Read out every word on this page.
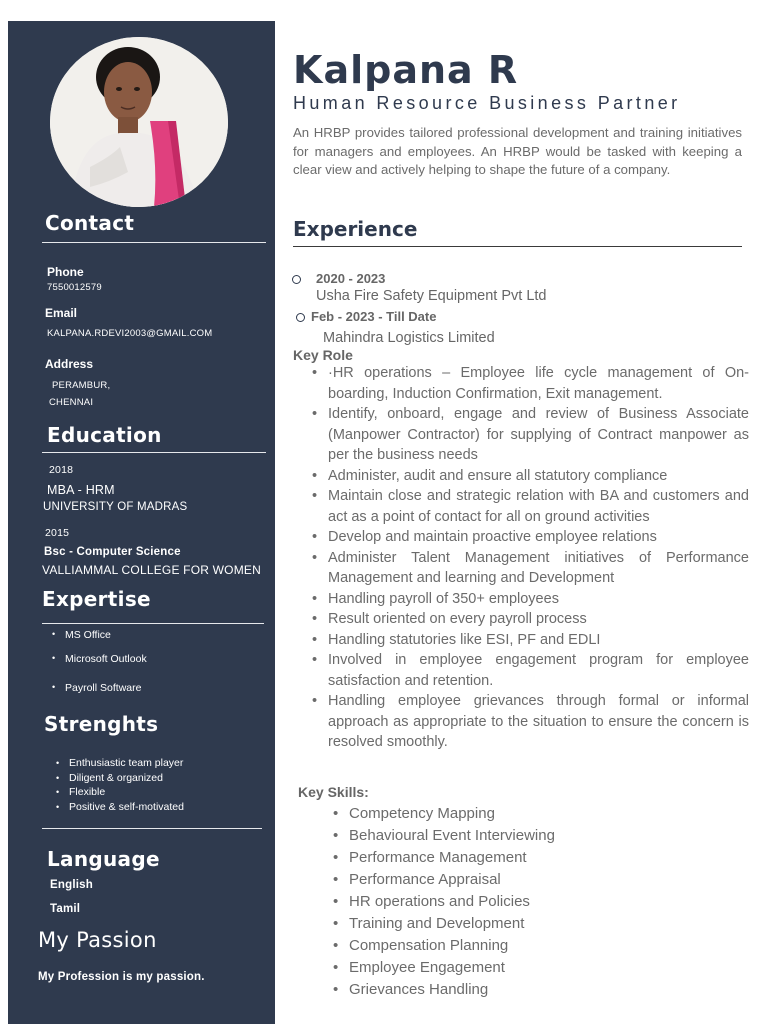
Contact
Phone
7550012579
Email
KALPANA.RDEVI2003@GMAIL.COM
Address
PERAMBUR,
CHENNAI
Education
2018
MBA - HRM
UNIVERSITY OF MADRAS
2015
Bsc - Computer Science
VALLIAMMAL COLLEGE FOR WOMEN
Expertise
• MS Office
• Microsoft Outlook
• Payroll Software
Strenghts
• Enthusiastic team player
• Diligent & organized
• Flexible
• Positive & self-motivated
Language
English
Tamil
My Passion
My Profession is my passion.
Kalpana R
Human Resource Business Partner
An HRBP provides tailored professional development and training initiatives for managers and employees. An HRBP would be tasked with keeping a clear view and actively helping to shape the future of a company.
Experience
2020 - 2023
Usha Fire Safety Equipment Pvt Ltd
Feb - 2023 - Till Date
Mahindra Logistics Limited
Key Role
• ·HR operations – Employee life cycle management of On-boarding, Induction Confirmation, Exit management.
• Identify, onboard, engage and review of Business Associate (Manpower Contractor) for supplying of Contract manpower as per the business needs
• Administer, audit and ensure all statutory compliance
• Maintain close and strategic relation with BA and customers and act as a point of contact for all on ground activities
• Develop and maintain proactive employee relations
• Administer Talent Management initiatives of Performance Management and learning and Development
• Handling payroll of 350+ employees
• Result oriented on every payroll process
• Handling statutories like ESI, PF and EDLI
• Involved in employee engagement program for employee satisfaction and retention.
• Handling employee grievances through formal or informal approach as appropriate to the situation to ensure the concern is resolved smoothly.
Key Skills:
• Competency Mapping
• Behavioural Event Interviewing
• Performance Management
• Performance Appraisal
• HR operations and Policies
• Training and Development
• Compensation Planning
• Employee Engagement
• Grievances Handling
